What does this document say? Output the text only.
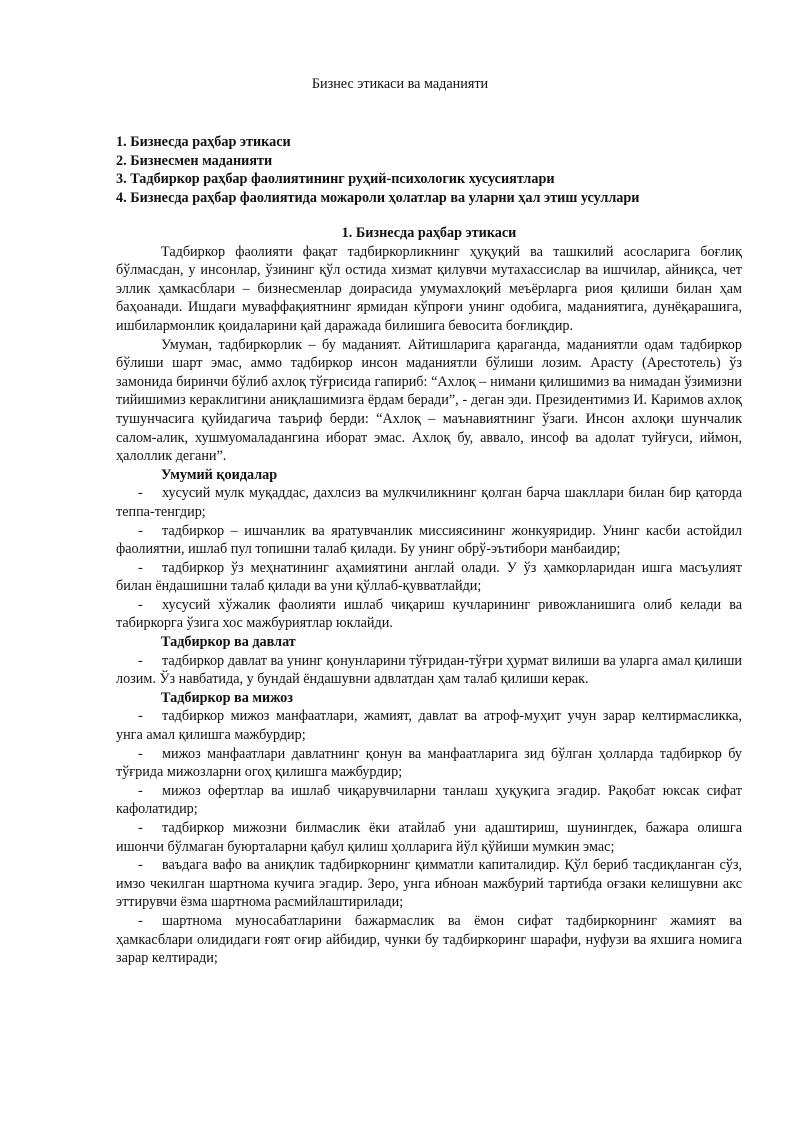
Бизнес этикаси ва маданияти
1. Бизнесда раҳбар этикаси
2. Бизнесмен маданияти
3. Тадбиркор раҳбар фаолиятининг руҳий-психологик хусусиятлари
4. Бизнесда раҳбар фаолиятида можароли ҳолатлар ва уларни ҳал этиш усуллари

1. Бизнесда раҳбар этикаси

Тадбиркор фаолияти фақат тадбиркорликнинг ҳуқуқий ва ташкилий асосларига боғлиқ бўлмасдан, у инсонлар, ўзининг қўл остида хизмат қилувчи мутахассислар ва ишчилар, айниқса, чет эллик ҳамкасблари – бизнесменлар доирасида умумахлоқий меъёрларга риоя қилиши билан ҳам баҳоанади. Ишдаги муваффақиятнинг ярмидан кўпроғи унинг одобига, маданиятига, дунёқарашига, ишбилармонлик қоидаларини қай даражада билишига бевосита боғлиқдир.

Умуман, тадбиркорлик – бу маданият. Айтишларига қараганда, маданиятли одам тадбиркор бўлиши шарт эмас, аммо тадбиркор инсон маданиятли бўлиши лозим. Арасту (Арестотель) ўз замонида биринчи бўлиб ахлоқ тўғрисида гапириб: “Ахлоқ – нимани қилишимиз ва нимадан ўзимизни тийишимиз кераклигини аниқлашимизга ёрдам беради”, - деган эди. Президентимиз И. Каримов ахлоқ тушунчасига қуйидагича таъриф берди: “Ахлоқ – маънавиятнинг ўзаги. Инсон ахлоқи шунчалик салом-алик, хушмуомаладангина иборат эмас. Ахлоқ бу, аввало, инсоф ва адолат туйғуси, иймон, ҳалоллик дегани”.

Умумий қоидалар

- хусусий мулк муқаддас, дахлсиз ва мулкчиликнинг қолган барча шакллари билан бир қаторда теппа-тенгдир;

- тадбиркор – ишчанлик ва яратувчанлик миссиясининг жонкуяридир. Унинг касби астойдил фаолиятни, ишлаб пул топишни талаб қилади. Бу унинг обрў-эътибори манбаидир;

- тадбиркор ўз меҳнатининг аҳамиятини англай олади. У ўз ҳамкорларидан ишга масъулият билан ёндашишни талаб қилади ва уни қўллаб-қувватлайди;

- хусусий хўжалик фаолияти ишлаб чиқариш кучларининг ривожланишига олиб келади ва табиркорга ўзига хос мажбуриятлар юклайди.

Тадбиркор ва давлат

- тадбиркор давлат ва унинг қонунларини тўғридан-тўғри ҳурмат вилиши ва уларга амал қилиши лозим. Ўз навбатида, у бундай ёндашувни адвлатдан ҳам талаб қилиши керак.

Тадбиркор ва мижоз

- тадбиркор мижоз манфаатлари, жамият, давлат ва атроф-муҳит учун зарар келтирмасликка, унга амал қилишга мажбурдир;

- мижоз манфаатлари давлатнинг қонун ва манфаатларига зид бўлган ҳолларда тадбиркор бу тўғрида мижозларни огоҳ қилишга мажбурдир;

- мижоз офертлар ва ишлаб чиқарувчиларни танлаш ҳуқуқига эгадир. Рақобат юксак сифат кафолатидир;

- тадбиркор мижозни билмаслик ёки атайлаб уни адаштириш, шунингдек, бажара олишга ишончи бўлмаган буюрталарни қабул қилиш ҳолларига йўл қўйиши мумкин эмас;

- ваъдага вафо ва аниқлик тадбиркорнинг қимматли капиталидир. Қўл бериб тасдиқланган сўз, имзо чекилган шартнома кучига эгадир. Зеро, унга ибноан мажбурий тартибда оғзаки келишувни акс эттирувчи ёзма шартнома расмийлаштирилади;

- шартнома муносабатларини бажармаслик ва ёмон сифат тадбиркорнинг жамият ва ҳамкасблари олидидаги ғоят оғир айбидир, чунки бу тадбиркоринг шарафи, нуфузи ва яхшига номига зарар келтиради;
